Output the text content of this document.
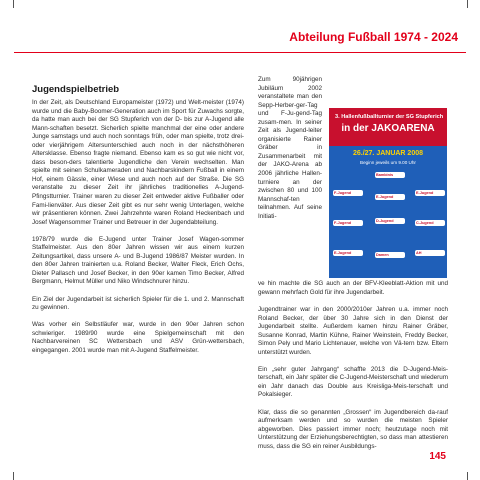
Abteilung Fußball 1974 - 2024
Jugendspielbetrieb

In der Zeit, als Deutschland Europameister (1972) und Welt-meister (1974) wurde und die Baby-Boomer-Generation auch im Sport für Zuwachs sorgte, da hatte man auch bei der SG Stupferich von der D- bis zur A-Jugend alle Mann-schaften besetzt. Sicherlich spielte manchmal der eine oder andere Junge samstags und auch noch sonntags früh, oder man spielte, trotz drei- oder vierjährigem Altersunterschied auch noch in der nächsthöheren Altersklasse. Ebenso fragte niemand. Ebenso kam es so gut wie nicht vor, dass beson-ders talentierte Jugendliche den Verein wechselten. Man spielte mit seinen Schulkameraden und Nachbarskindern Fußball in einem Hof, einem Gässle, einer Wiese und auch noch auf der Straße. Die SG veranstalte zu dieser Zeit ihr jährliches traditionelles A-Jugend-Pfingstturnier. Trainer waren zu dieser Zeit entweder aktive Fußballer oder Fami-lienväter. Aus dieser Zeit gibt es nur sehr wenig Unterlagen, welche wir präsentieren können. Zwei Jahrzehnte waren Roland Heckenbach und Josef Wagensommer Trainer und Betreuer in der Jugendabteilung.

1978/79 wurde die E-Jugend unter Trainer Josef Wagen-sommer Staffelmeister. Aus den 80er Jahren wissen wir aus einem kurzen Zeitungsartikel, dass unsere A- und B-Jugend 1986/87 Meister wurden. In den 80er Jahren trainierten u.a. Roland Becker, Walter Fleck, Erich Ochs, Dieter Pallasch und Josef Becker, in den 90er kamen Timo Becker, Alfred Bergmann, Helmut Müller und Niko Windschnurer hinzu.

Ein Ziel der Jugendarbeit ist sicherlich Spieler für die 1. und 2. Mannschaft zu gewinnen.

Was vorher ein Selbstläufer war, wurde in den 90er Jahren schon schwieriger. 1989/90 wurde eine Spielgemeinschaft mit den Nachbarvereinen SC Wettersbach und ASV Grün-wettersbach, eingegangen. 2001 wurde man mit A-Jugend Staffelmeister.

Zum 90jährigen Jubiläum 2002 veranstaltete man den Sepp-Herber-ger-Tag und F-Ju-gend-Tag zusam-men. In seiner Zeit als Jugend-leiter organisierte Rainer Gräber in Zusammenarbeit mit der JAKO-Arena ab 2006 jährliche Hallen-turniere an der zwischen 80 und 100 Mannschaf-ten teilnahmen. Auf seine Initiati-

3. Hallenfußballturnier der SG Stupferich
in der JAKOARENA
26./27. JANUAR 2008
Beginn jeweils um 9.00 Uhr
Bambinis
F-Jugend
E-Jugend
E-Jugend
F-Jugend	D-Jugend	C-Jugend
E-Jugend	Damen	AH

ve hin machte die SG auch an der BFV-Kleeblatt-Aktion mit und gewann mehrfach Gold für ihre Jugendarbeit.

Jugendtrainer war in den 2000/2010er Jahren u.a. immer noch Roland Becker, der über 30 Jahre sich in den Dienst der Jugendarbeit stellte. Außerdem kamen hinzu Rainer Gräber, Susanne Konrad, Martin Kühne, Rainer Weinstein, Freddy Becker, Simon Pely und Mario Lichtenauer, welche von Vä-tern bzw. Eltern unterstützt wurden.

Ein „sehr guter Jahrgang“ schaffte 2013 die D-Jugend-Meis-terschaft, ein Jahr später die C-Jugend-Meisterschaft und wiederum ein Jahr danach das Double aus Kreisliga-Meis-terschaft und Pokalsieger.

Klar, dass die so genannten „Grossen“ im Jugendbereich da-rauf aufmerksam werden und so wurden die meisten Spieler abgeworben. Dies passiert immer noch; heutzutage noch mit Unterstützung der Erziehungsberechtigten, so dass man attestieren muss, dass die SG ein reiner Ausbildungs-

145
